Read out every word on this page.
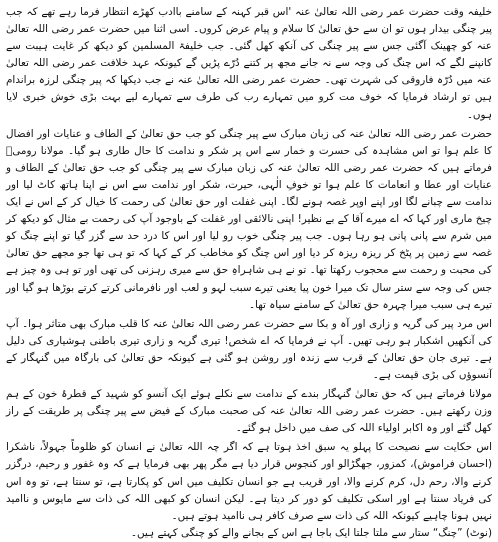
خلیفہ وقت حضرت عمر رضی اللہ تعالیٰ عنہ 'اس قبر کہنہ کے سامنے باادب کھڑے انتظار فرما رہے تھے کہ جب پیر چنگی بیدار ہوں تو ان سے حق تعالیٰ کا سلام و پیام عرض کروں۔ اسی اثنا میں حضرت عمر رضی اللہ تعالیٰ عنہ کو چھینک آگئی جس سے پیر چنگی کی آنکھ کھل گئی۔ جب خلیفۃ المسلمین کو دیکھ کر غایت ہیبت سے کانپنے لگے کہ اس چنگ کی وجہ سے نہ جانے مجھ پر کتنے دُرّے پڑیں گے کیونکہ عہد خلافت عمر رضی اللہ تعالیٰ عنہ میں دُرّہ فاروقی کی شہرت تھی۔ حضرت عمر رضی اللہ تعالیٰ عنہ نے جب دیکھا کہ پیر چنگی لرزہ براندام ہیں تو ارشاد فرمایا کہ خوف مت کرو میں تمہارے رب کی طرف سے تمہارے لیے بہت بڑی خوش خبری لایا ہوں۔

حضرت عمر رضی اللہ تعالیٰ عنہ کی زبان مبارک سے پیر چنگی کو جب حق تعالیٰ کے الطاف و عنایات اور افضال کا علم ہوا تو اس مشاہدہ کی حسرت و خمار سے اس پر شکر و ندامت کا حال طاری ہو گیا۔ مولانا رومیؒ فرماتے ہیں کہ حضرت عمر رضی اللہ تعالیٰ عنہ کی زبان مبارک سے پیر چنگی کو جب حق تعالیٰ کے الطاف و عنایات اور عطا و انعامات کا علم ہوا تو خوفِ الٰہی، حیرت، شکر اور ندامت سے اس نے اپنا ہاتھ کاٹ لیا اور ندامت سے چبانے لگا اور اپنے اوپر غصہ ہونے لگا۔ اپنی غفلت اور حق تعالیٰ کی رحمت کا خیال کر کے اس نے ایک چیخ ماری اور کہا کہ اے میرے آقا کے بے نظیر! اپنی نالائقی اور غفلت کے باوجود آپ کی رحمت بے مثال کو دیکھ کر میں شرم سے پانی پانی ہو رہا ہوں۔ جب پیر چنگی خوب رو لیا اور اس کا درد حد سے گزر گیا تو اپنے چنگ کو غصہ سے زمین پر پٹخ کر ریزہ ریزہ کر دیا اور اس چنگ کو مخاطب کر کے کہا کہ تو ہی تھا جو مجھے حق تعالیٰ کی محبت و رحمت سے محجوب رکھتا تھا۔ تو نے ہی شاہراہِ حق سے میری رہزنی کی تھی اور تو ہی وہ چیز ہے جس کی وجہ سے ستر سال تک میرا خون پیا یعنی تیرے سبب لہو و لعب اور نافرمانی کرتے کرتے بوڑھا ہو گیا اور تیرے ہی سبب میرا چہرہ حق تعالیٰ کے سامنے سیاہ تھا۔

اس مرد پیر کی گریہ و زاری اور آہ و بکا سے حضرت عمر رضی اللہ تعالیٰ عنہ کا قلب مبارک بھی متاثر ہوا۔ آپ کی آنکھیں اشکبار ہو رہی تھیں۔ آپ نے فرمایا کہ اے شخص! تیری گریہ و زاری تیری باطنی ہوشیاری کی دلیل ہے۔ تیری جان حق تعالیٰ کے قرب سے زندہ اور روشن ہو گئی ہے کیونکہ حق تعالیٰ کی بارگاہ میں گنہگار کے آنسوؤں کی بڑی قیمت ہے۔

مولانا فرماتے ہیں کہ حق تعالیٰ گنہگار بندے کے ندامت سے نکلے ہوئے ایک آنسو کو شہید کے قطرۂ خون کے ہم وزن رکھتے ہیں۔ حضرت عمر رضی اللہ تعالیٰ عنہ کی صحبت مبارک کے فیض سے پیر چنگی پر طریقت کے راز کھل گئے اور وہ اکابر اولیاء اللہ کی صف میں داخل ہو گئے۔

اس حکایت سے نصیحت کا پہلو یہ سبق اخذ ہوتا ہے کہ اگر چہ اللہ تعالیٰ نے انسان کو ظلوماً جہولاً، ناشکرا (احسان فراموش)، کمزور، جھگڑالو اور کنجوس قرار دیا ہے مگر پھر بھی فرمایا ہے کہ وہ غفور و رحیم، درگزر کرنے والا، رحم دل، کرم کرنے والا، اور قریب ہے جو انسان تکلیف میں اس کو پکارتا ہے، تو سنتا ہے، تو وہ اس کی فریاد سنتا ہے اور اسکی تکلیف کو دور کر دیتا ہے۔ لیکن انسان کو کبھی اللہ کی ذات سے مایوس و ناامید نہیں ہونا چاہیے کیونکہ اللہ کی ذات سے صرف کافر ہی ناامید ہوتے ہیں۔

(نوٹ) ”چنگ“ ستار سے ملتا جلتا ایک باجا ہے اس کے بجانے والے کو چنگی کہتے ہیں۔
